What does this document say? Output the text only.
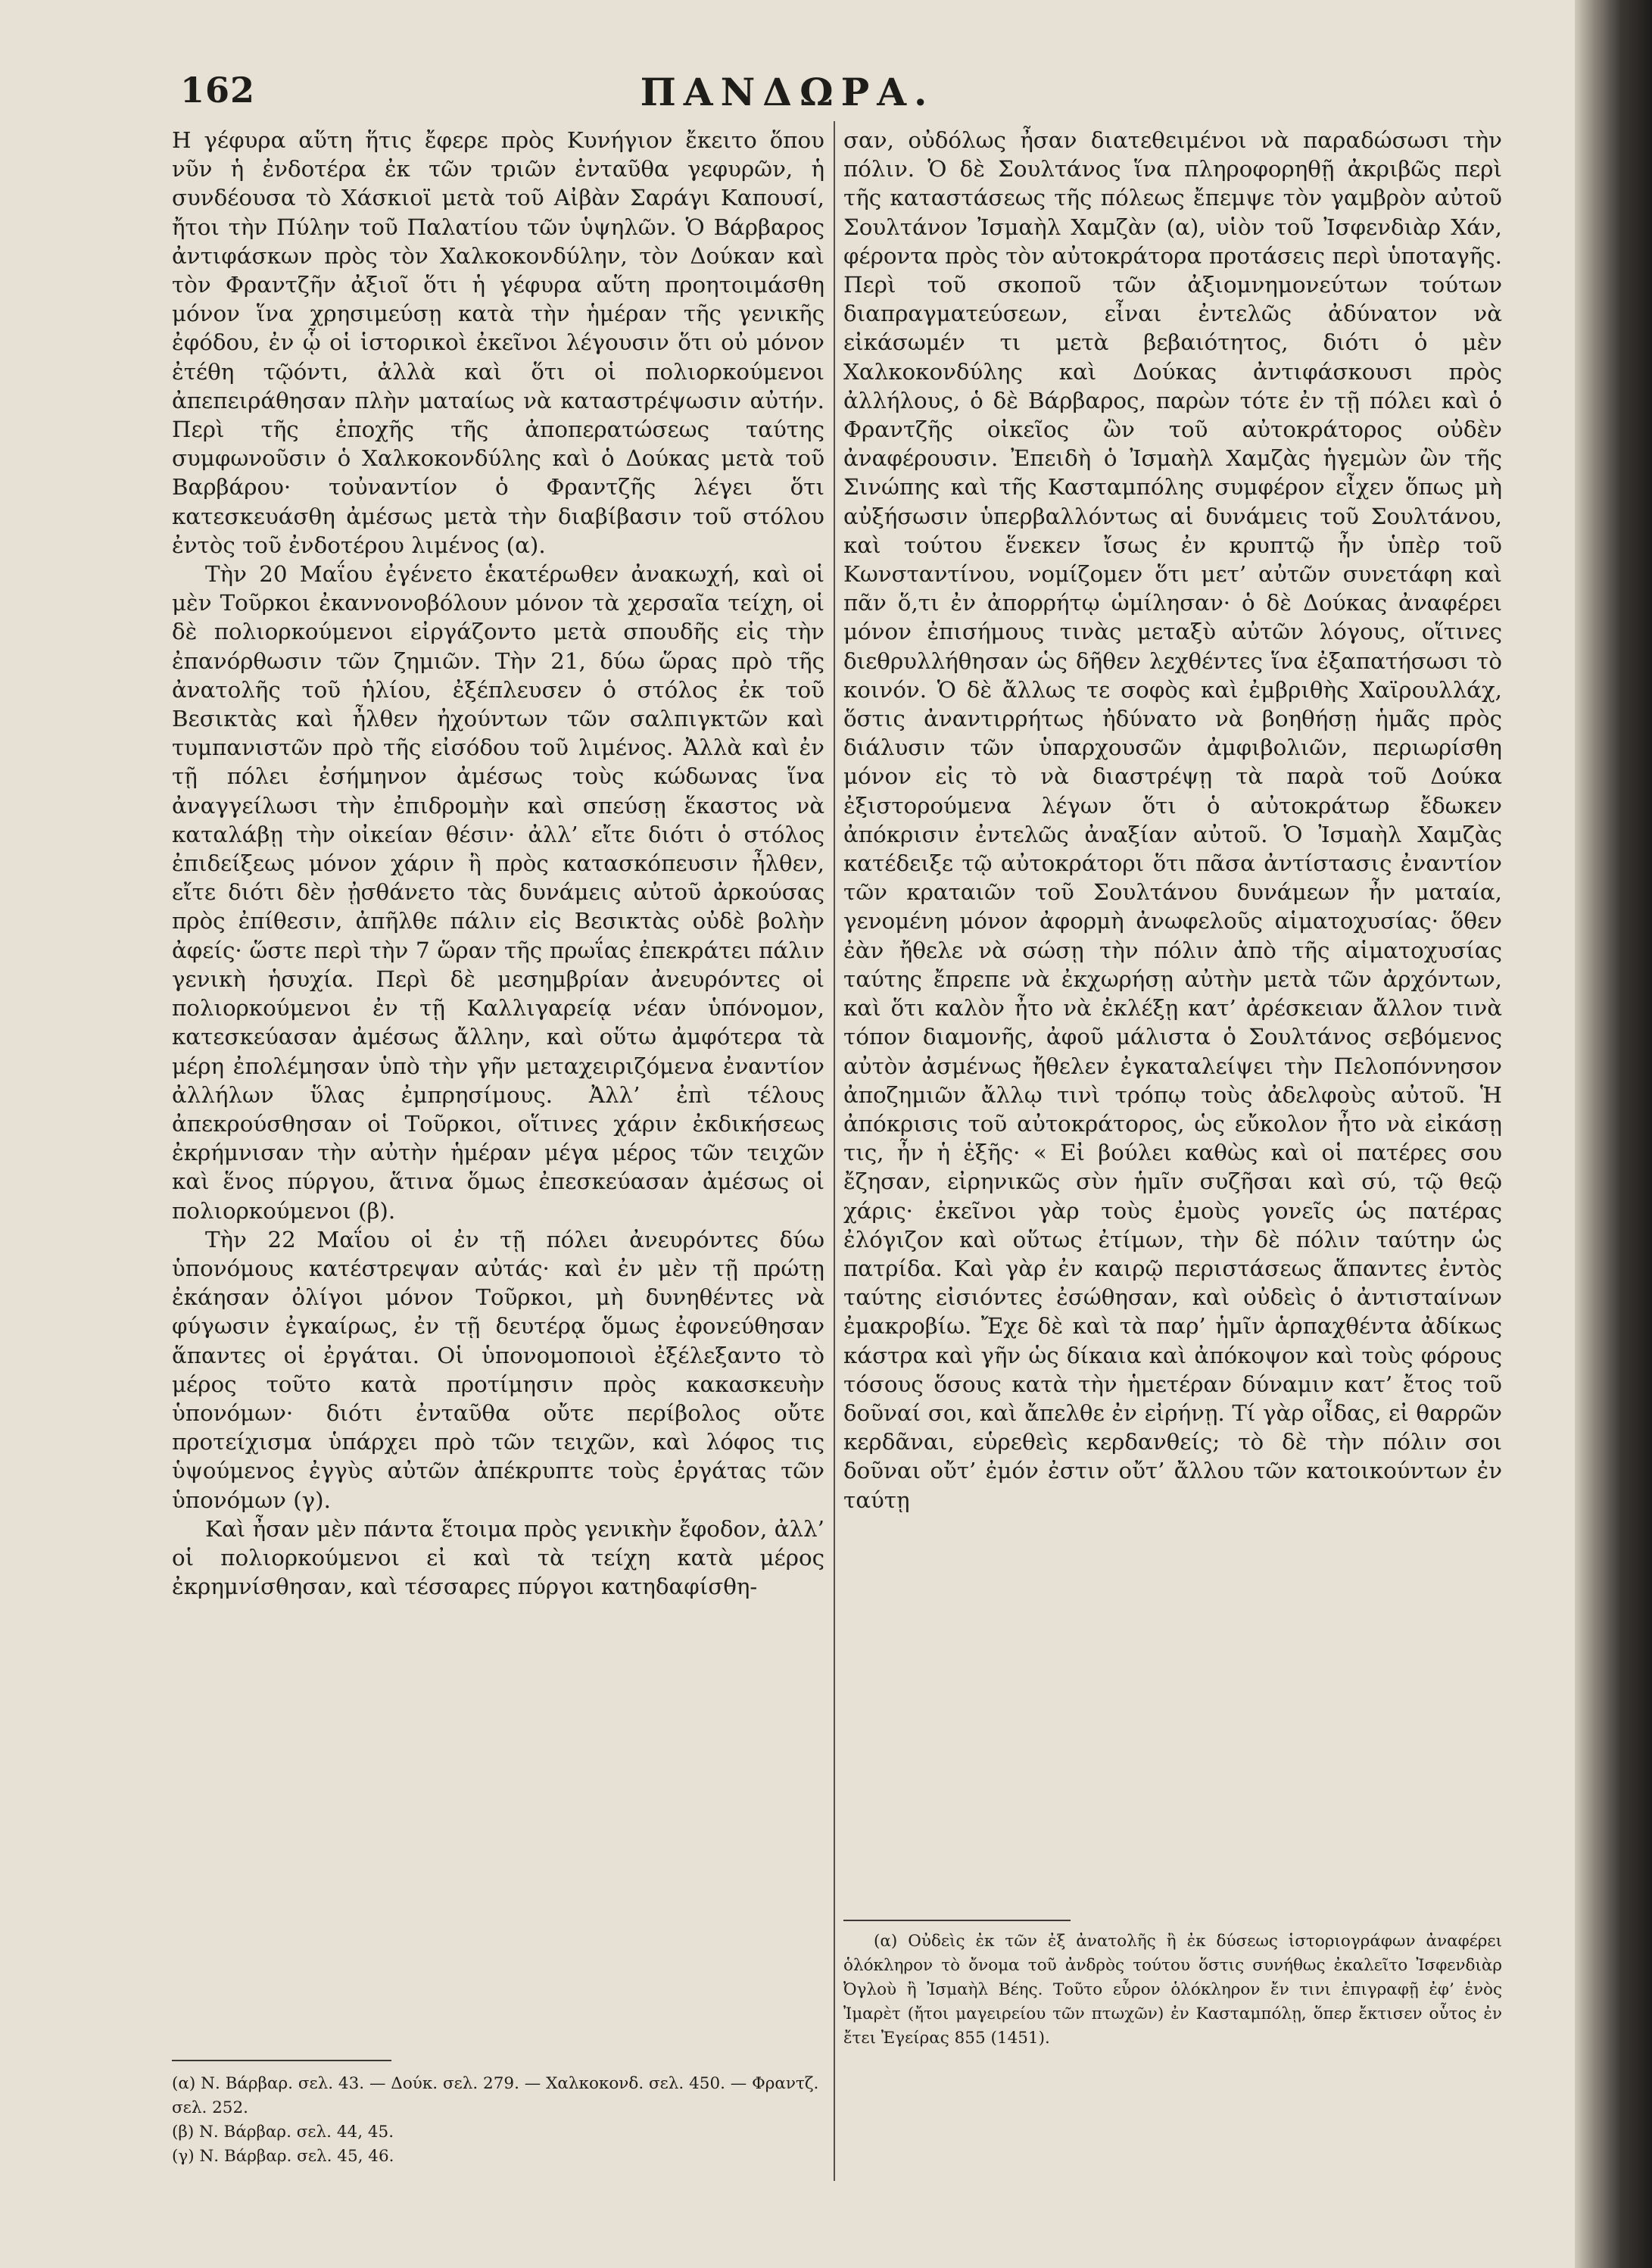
162	ΠΑΝΔΩΡΑ.

Η γέφυρα αὕτη ἥτις ἔφερε πρὸς Κυνήγιον ἔκειτο ὅπου νῦν ἡ ἐνδοτέρα ἐκ τῶν τριῶν ἐνταῦθα γεφυρῶν, ἡ συνδέουσα τὸ Χάσκιοϊ μετὰ τοῦ Αἰβὰν Σαράγι Καπουσί, ἤτοι τὴν Πύλην τοῦ Παλατίου τῶν ὑψηλῶν. Ὁ Βάρβαρος ἀντιφάσκων πρὸς τὸν Χαλκοκονδύλην, τὸν Δούκαν καὶ τὸν Φραντζῆν ἀξιοῖ ὅτι ἡ γέφυρα αὕτη προητοιμάσθη μόνον ἵνα χρησιμεύσῃ κατὰ τὴν ἡμέραν τῆς γενικῆς ἐφόδου, ἐν ᾧ οἱ ἱστορικοὶ ἐκεῖνοι λέγουσιν ὅτι οὐ μόνον ἐτέθη τῷόντι, ἀλλὰ καὶ ὅτι οἱ πολιορκούμενοι ἀπεπειράθησαν πλὴν ματαίως νὰ καταστρέψωσιν αὐτήν. Περὶ τῆς ἐποχῆς τῆς ἀποπερατώσεως ταύτης συμφωνοῦσιν ὁ Χαλκοκονδύλης καὶ ὁ Δούκας μετὰ τοῦ Βαρβάρου· τοὐναντίον ὁ Φραντζῆς λέγει ὅτι κατεσκευάσθη ἀμέσως μετὰ τὴν διαβίβασιν τοῦ στόλου ἐντὸς τοῦ ἐνδοτέρου λιμένος (α).

Τὴν 20 Μαΐου ἐγένετο ἑκατέρωθεν ἀνακωχή, καὶ οἱ μὲν Τοῦρκοι ἐκαννονοβόλουν μόνον τὰ χερσαῖα τείχη, οἱ δὲ πολιορκούμενοι εἰργάζοντο μετὰ σπουδῆς εἰς τὴν ἐπανόρθωσιν τῶν ζημιῶν. Τὴν 21, δύω ὥρας πρὸ τῆς ἀνατολῆς τοῦ ἡλίου, ἐξέπλευσεν ὁ στόλος ἐκ τοῦ Βεσικτὰς καὶ ἦλθεν ἠχούντων τῶν σαλπιγκτῶν καὶ τυμπανιστῶν πρὸ τῆς εἰσόδου τοῦ λιμένος. Ἀλλὰ καὶ ἐν τῇ πόλει ἐσήμηνον ἀμέσως τοὺς κώδωνας ἵνα ἀναγγείλωσι τὴν ἐπιδρομὴν καὶ σπεύσῃ ἕκαστος νὰ καταλάβῃ τὴν οἰκείαν θέσιν· ἀλλ’ εἴτε διότι ὁ στόλος ἐπιδείξεως μόνον χάριν ἢ πρὸς κατασκόπευσιν ἦλθεν, εἴτε διότι δὲν ᾐσθάνετο τὰς δυνάμεις αὐτοῦ ἀρκούσας πρὸς ἐπίθεσιν, ἀπῆλθε πάλιν εἰς Βεσικτὰς οὐδὲ βολὴν ἀφείς· ὥστε περὶ τὴν 7 ὥραν τῆς πρωΐας ἐπεκράτει πάλιν γενικὴ ἡσυχία. Περὶ δὲ μεσημβρίαν ἀνευρόντες οἱ πολιορκούμενοι ἐν τῇ Καλλιγαρείᾳ νέαν ὑπόνομον, κατεσκεύασαν ἀμέσως ἄλλην, καὶ οὕτω ἀμφότερα τὰ μέρη ἐπολέμησαν ὑπὸ τὴν γῆν μεταχειριζόμενα ἐναντίον ἀλλήλων ὕλας ἐμπρησίμους. Ἀλλ’ ἐπὶ τέλους ἀπεκρούσθησαν οἱ Τοῦρκοι, οἵτινες χάριν ἐκδικήσεως ἐκρήμνισαν τὴν αὐτὴν ἡμέραν μέγα μέρος τῶν τειχῶν καὶ ἕνος πύργου, ἅτινα ὅμως ἐπεσκεύασαν ἀμέσως οἱ πολιορκούμενοι (β).

Τὴν 22 Μαΐου οἱ ἐν τῇ πόλει ἀνευρόντες δύω ὑπονόμους κατέστρεψαν αὐτάς· καὶ ἐν μὲν τῇ πρώτῃ ἐκάησαν ὀλίγοι μόνον Τοῦρκοι, μὴ δυνηθέντες νὰ φύγωσιν ἐγκαίρως, ἐν τῇ δευτέρᾳ ὅμως ἐφονεύθησαν ἅπαντες οἱ ἐργάται. Οἱ ὑπονομοποιοὶ ἐξέλεξαντο τὸ μέρος τοῦτο κατὰ προτίμησιν πρὸς κακασκευὴν ὑπονόμων· διότι ἐνταῦθα οὔτε περίβολος οὔτε προτείχισμα ὑπάρχει πρὸ τῶν τειχῶν, καὶ λόφος τις ὑψούμενος ἐγγὺς αὐτῶν ἀπέκρυπτε τοὺς ἐργάτας τῶν ὑπονόμων (γ).

Καὶ ἦσαν μὲν πάντα ἕτοιμα πρὸς γενικὴν ἔφοδον, ἀλλ’ οἱ πολιορκούμενοι εἰ καὶ τὰ τείχη κατὰ μέρος ἐκρημνίσθησαν, καὶ τέσσαρες πύργοι κατηδαφίσθη-

σαν, οὐδόλως ἦσαν διατεθειμένοι νὰ παραδώσωσι τὴν πόλιν. Ὁ δὲ Σουλτάνος ἵνα πληροφορηθῇ ἀκριβῶς περὶ τῆς καταστάσεως τῆς πόλεως ἔπεμψε τὸν γαμβρὸν αὐτοῦ Σουλτάνον Ἰσμαὴλ Χαμζὰν (α), υἱὸν τοῦ Ἰσφενδιὰρ Χάν, φέροντα πρὸς τὸν αὐτοκράτορα προτάσεις περὶ ὑποταγῆς. Περὶ τοῦ σκοποῦ τῶν ἀξιομνημονεύτων τούτων διαπραγματεύσεων, εἶναι ἐντελῶς ἀδύνατον νὰ εἰκάσωμέν τι μετὰ βεβαιότητος, διότι ὁ μὲν Χαλκοκονδύλης καὶ Δούκας ἀντιφάσκουσι πρὸς ἀλλήλους, ὁ δὲ Βάρβαρος, παρὼν τότε ἐν τῇ πόλει καὶ ὁ Φραντζῆς οἰκεῖος ὢν τοῦ αὐτοκράτορος οὐδὲν ἀναφέρουσιν. Ἐπειδὴ ὁ Ἰσμαὴλ Χαμζὰς ἡγεμὼν ὢν τῆς Σινώπης καὶ τῆς Κασταμπόλης συμφέρον εἶχεν ὅπως μὴ αὐξήσωσιν ὑπερβαλλόντως αἱ δυνάμεις τοῦ Σουλτάνου, καὶ τούτου ἕνεκεν ἴσως ἐν κρυπτῷ ἦν ὑπὲρ τοῦ Κωνσταντίνου, νομίζομεν ὅτι μετ’ αὐτῶν συνετάφη καὶ πᾶν ὅ,τι ἐν ἀπορρήτῳ ὡμίλησαν· ὁ δὲ Δούκας ἀναφέρει μόνον ἐπισήμους τινὰς μεταξὺ αὐτῶν λόγους, οἵτινες διεθρυλλήθησαν ὡς δῆθεν λεχθέντες ἵνα ἐξαπατήσωσι τὸ κοινόν. Ὁ δὲ ἄλλως τε σοφὸς καὶ ἐμβριθὴς Χαϊρουλλάχ, ὅστις ἀναντιρρήτως ἠδύνατο νὰ βοηθήσῃ ἡμᾶς πρὸς διάλυσιν τῶν ὑπαρχουσῶν ἀμφιβολιῶν, περιωρίσθη μόνον εἰς τὸ νὰ διαστρέψῃ τὰ παρὰ τοῦ Δούκα ἐξιστορούμενα λέγων ὅτι ὁ αὐτοκράτωρ ἔδωκεν ἀπόκρισιν ἐντελῶς ἀναξίαν αὐτοῦ. Ὁ Ἰσμαὴλ Χαμζὰς κατέδειξε τῷ αὐτοκράτορι ὅτι πᾶσα ἀντίστασις ἐναντίον τῶν κραταιῶν τοῦ Σουλτάνου δυνάμεων ἦν ματαία, γενομένη μόνον ἀφορμὴ ἀνωφελοῦς αἱματοχυσίας· ὅθεν ἐὰν ἤθελε νὰ σώσῃ τὴν πόλιν ἀπὸ τῆς αἱματοχυσίας ταύτης ἔπρεπε νὰ ἐκχωρήσῃ αὐτὴν μετὰ τῶν ἀρχόντων, καὶ ὅτι καλὸν ἦτο νὰ ἐκλέξῃ κατ’ ἀρέσκειαν ἄλλον τινὰ τόπον διαμονῆς, ἀφοῦ μάλιστα ὁ Σουλτάνος σεβόμενος αὐτὸν ἀσμένως ἤθελεν ἐγκαταλείψει τὴν Πελοπόννησον ἀποζημιῶν ἄλλῳ τινὶ τρόπῳ τοὺς ἀδελφοὺς αὐτοῦ. Ἡ ἀπόκρισις τοῦ αὐτοκράτορος, ὡς εὔκολον ἦτο νὰ εἰκάσῃ τις, ἦν ἡ ἑξῆς· « Εἰ βούλει καθὼς καὶ οἱ πατέρες σου ἔζησαν, εἰρηνικῶς σὺν ἡμῖν συζῆσαι καὶ σύ, τῷ θεῷ χάρις· ἐκεῖνοι γὰρ τοὺς ἐμοὺς γονεῖς ὡς πατέρας ἐλόγιζον καὶ οὕτως ἐτίμων, τὴν δὲ πόλιν ταύτην ὡς πατρίδα. Καὶ γὰρ ἐν καιρῷ περιστάσεως ἅπαντες ἐντὸς ταύτης εἰσιόντες ἐσώθησαν, καὶ οὐδεὶς ὁ ἀντισταίνων ἐμακροβίω. Ἔχε δὲ καὶ τὰ παρ’ ἡμῖν ἁρπαχθέντα ἀδίκως κάστρα καὶ γῆν ὡς δίκαια καὶ ἀπόκοψον καὶ τοὺς φόρους τόσους ὅσους κατὰ τὴν ἡμετέραν δύναμιν κατ’ ἔτος τοῦ δοῦναί σοι, καὶ ἄπελθε ἐν εἰρήνῃ. Τί γὰρ οἶδας, εἰ θαρρῶν κερδᾶναι, εὑρεθεὶς κερδανθείς; τὸ δὲ τὴν πόλιν σοι δοῦναι οὔτ’ ἐμόν ἐστιν οὔτ’ ἄλλου τῶν κατοικούντων ἐν ταύτῃ

(α) Ν. Βάρβαρ. σελ. 43. — Δούκ. σελ. 279. — Χαλκοκονδ. σελ. 450. — Φραντζ. σελ. 252.

(β) Ν. Βάρβαρ. σελ. 44, 45.

(γ) Ν. Βάρβαρ. σελ. 45, 46.

(α) Οὐδεὶς ἐκ τῶν ἐξ ἀνατολῆς ἢ ἐκ δύσεως ἱστοριογράφων ἀναφέρει ὁλόκληρον τὸ ὄνομα τοῦ ἀνδρὸς τούτου ὅστις συνήθως ἐκαλεῖτο Ἰσφενδιὰρ Ὀγλοὺ ἢ Ἰσμαὴλ Βέης. Τοῦτο εὗρον ὁλόκληρον ἔν τινι ἐπιγραφῇ ἐφ’ ἑνὸς Ἰμαρὲτ (ἤτοι μαγειρείου τῶν πτωχῶν) ἐν Κασταμπόλῃ, ὅπερ ἔκτισεν οὗτος ἐν ἔτει Ἐγείρας 855 (1451).
